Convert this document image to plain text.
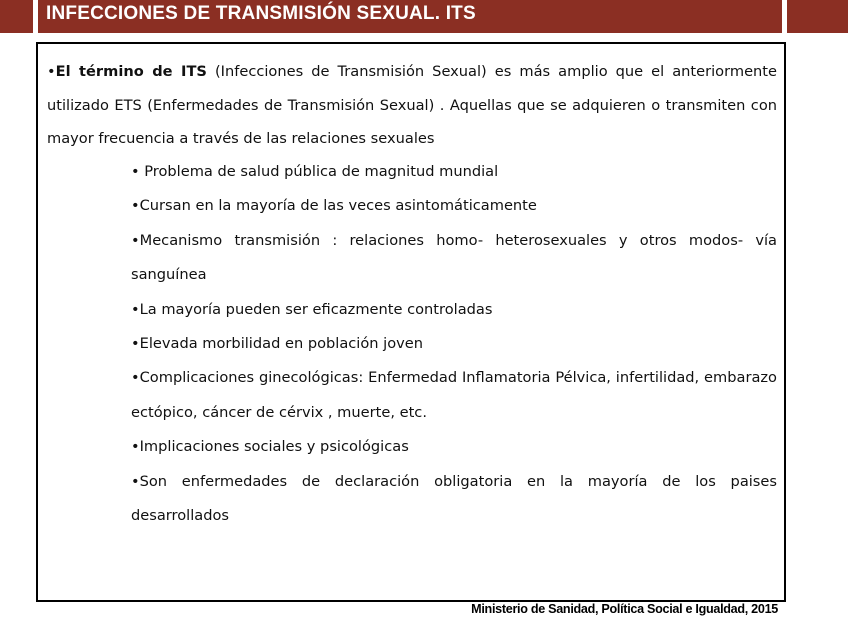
INFECCIONES DE TRANSMISIÓN SEXUAL. ITS
•El término de ITS (Infecciones de Transmisión Sexual) es más amplio que el anteriormente utilizado ETS (Enfermedades de Transmisión Sexual) . Aquellas que se adquieren o transmiten con mayor frecuencia a través de las relaciones sexuales
• Problema de salud pública de magnitud mundial
•Cursan en la mayoría de las veces asintomáticamente
•Mecanismo transmisión : relaciones homo- heterosexuales y otros modos- vía sanguínea
•La mayoría pueden ser eficazmente controladas
•Elevada morbilidad en población joven
•Complicaciones ginecológicas: Enfermedad Inflamatoria Pélvica, infertilidad, embarazo ectópico, cáncer de cérvix , muerte, etc.
•Implicaciones sociales y psicológicas
•Son enfermedades de declaración obligatoria en la mayoría de los paises desarrollados
Ministerio de Sanidad, Política Social e Igualdad, 2015
